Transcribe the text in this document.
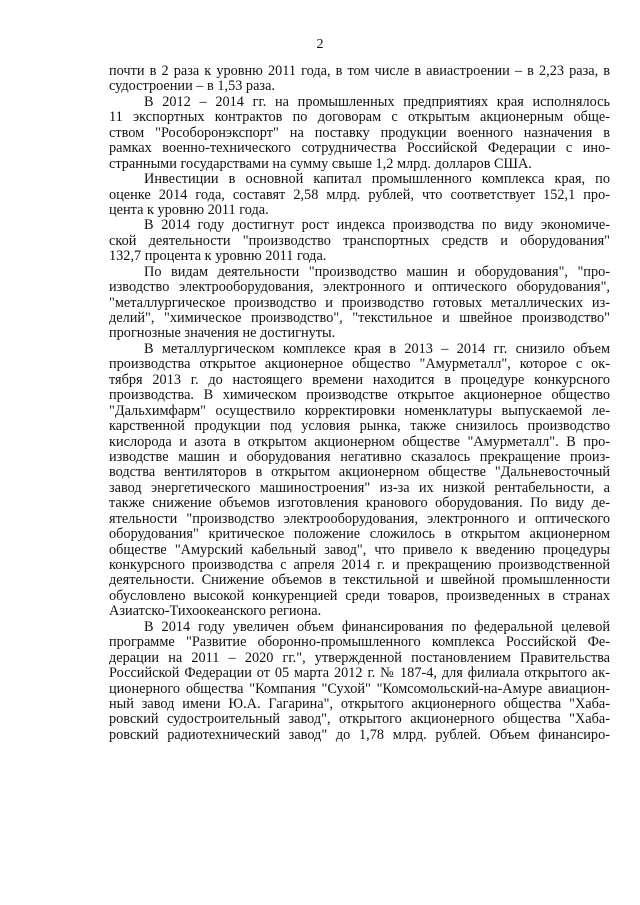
2
почти в 2 раза к уровню 2011 года, в том числе в авиастроении – в 2,23 раза, в
судостроении – в 1,53 раза.
В 2012 – 2014 гг. на промышленных предприятиях края исполнялось
11 экспортных контрактов по договорам с открытым акционерным обще-
ством "Рособоронэкспорт" на поставку продукции военного назначения в
рамках военно-технического сотрудничества Российской Федерации с ино-
странными государствами на сумму свыше 1,2 млрд. долларов США.
Инвестиции в основной капитал промышленного комплекса края, по
оценке 2014 года, составят 2,58 млрд. рублей, что соответствует 152,1 про-
цента к уровню 2011 года.
В 2014 году достигнут рост индекса производства по виду экономиче-
ской деятельности "производство транспортных средств и оборудования"
132,7 процента к уровню 2011 года.
По видам деятельности "производство машин и оборудования", "про-
изводство электрооборудования, электронного и оптического оборудования",
"металлургическое производство и производство готовых металлических из-
делий", "химическое производство", "текстильное и швейное производство"
прогнозные значения не достигнуты.
В металлургическом комплексе края в 2013 – 2014 гг. снизило объем
производства открытое акционерное общество "Амурметалл", которое с ок-
тября 2013 г. до настоящего времени находится в процедуре конкурсного
производства. В химическом производстве открытое акционерное общество
"Дальхимфарм" осуществило корректировки номенклатуры выпускаемой ле-
карственной продукции под условия рынка, также снизилось производство
кислорода и азота в открытом акционерном обществе "Амурметалл". В про-
изводстве машин и оборудования негативно сказалось прекращение произ-
водства вентиляторов в открытом акционерном обществе "Дальневосточный
завод энергетического машиностроения" из-за их низкой рентабельности, а
также снижение объемов изготовления кранового оборудования. По виду де-
ятельности "производство электрооборудования, электронного и оптического
оборудования" критическое положение сложилось в открытом акционерном
обществе "Амурский кабельный завод", что привело к введению процедуры
конкурсного производства с апреля 2014 г. и прекращению производственной
деятельности. Снижение объемов в текстильной и швейной промышленности
обусловлено высокой конкуренцией среди товаров, произведенных в странах
Азиатско-Тихоокеанского региона.
В 2014 году увеличен объем финансирования по федеральной целевой
программе "Развитие оборонно-промышленного комплекса Российской Фе-
дерации на 2011 – 2020 гг.", утвержденной постановлением Правительства
Российской Федерации от 05 марта 2012 г. № 187-4, для филиала открытого ак-
ционерного общества "Компания "Сухой" "Комсомольский-на-Амуре авиацион-
ный завод имени Ю.А. Гагарина", открытого акционерного общества "Хаба-
ровский судостроительный завод", открытого акционерного общества "Хаба-
ровский радиотехнический завод" до 1,78 млрд. рублей. Объем финансиро-
